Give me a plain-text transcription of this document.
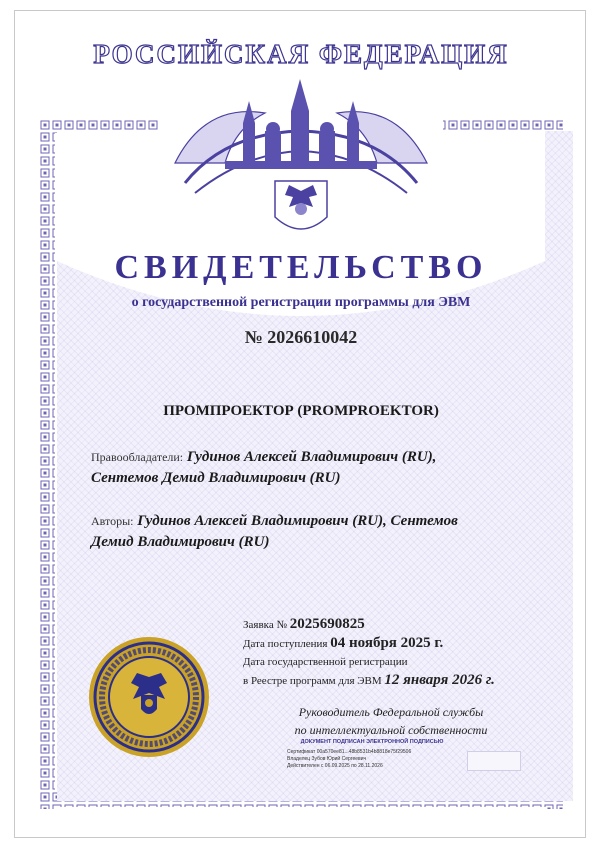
РОССИЙСКАЯ ФЕДЕРАЦИЯ
СВИДЕТЕЛЬСТВО
о государственной регистрации программы для ЭВМ
№ 2026610042
ПРОМПРОЕКТОР (PROMPROEKTOR)
Правообладатели: Гудинов Алексей Владимирович (RU),
Сентемов Демид Владимирович (RU)
Авторы: Гудинов Алексей Владимирович (RU), Сентемов
Демид Владимирович (RU)
Заявка № 2025690825
Дата поступления 04 ноября 2025 г.
Дата государственной регистрации
в Реестре программ для ЭВМ 12 января 2026 г.
Руководитель Федеральной службы
по интеллектуальной собственности
ДОКУМЕНТ ПОДПИСАН ЭЛЕКТРОННОЙ ПОДПИСЬЮ
Сертификат 00a570ee81...48b8531b4b8818e75f29506
Владелец Зубов Юрий Сергеевич
Действителен с 06.09.2025 по 28.11.2026
